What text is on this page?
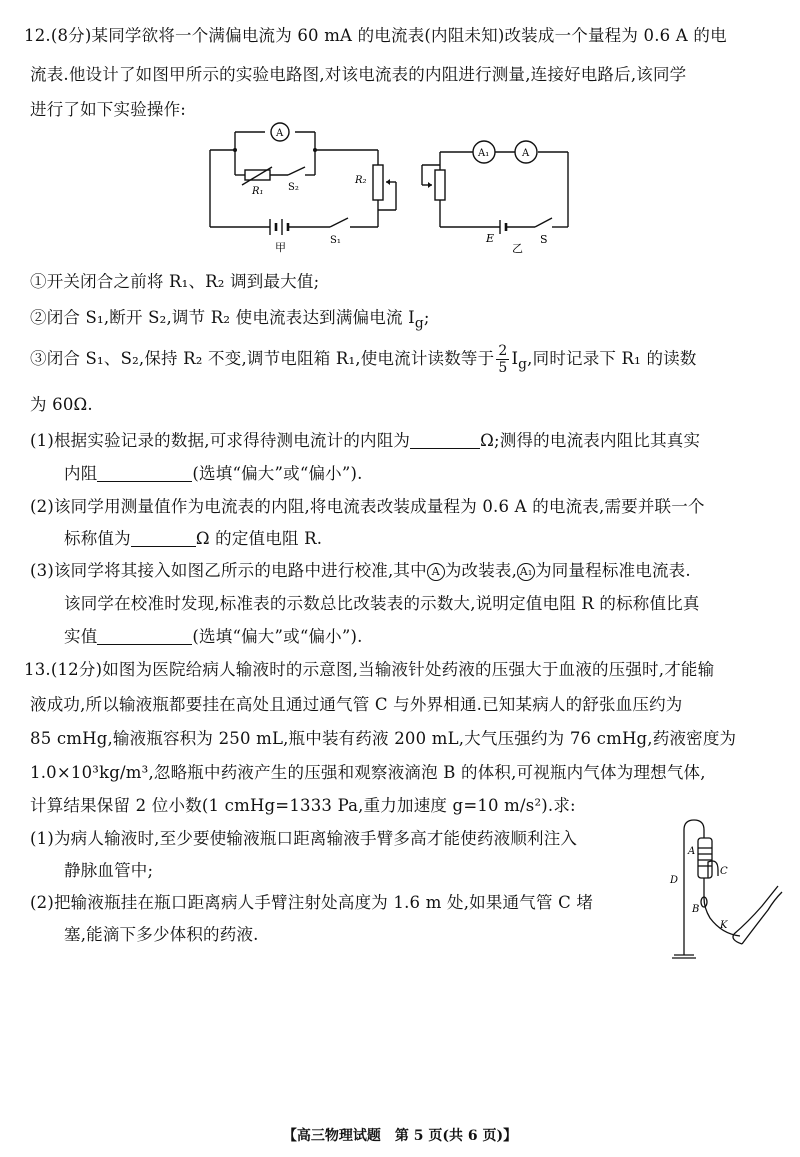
12.(8分)某同学欲将一个满偏电流为 60 mA 的电流表(内阻未知)改装成一个量程为 0.6 A 的电
流表.他设计了如图甲所示的实验电路图,对该电流表的内阻进行测量,连接好电路后,该同学
进行了如下实验操作:
A
R₁ S₂
R₂
S₁
甲
A₁	A
E	S
乙
①开关闭合之前将 R₁、R₂ 调到最大值;
②闭合 S₁,断开 S₂,调节 R₂ 使电流表达到满偏电流 $I_g$;
③闭合 S₁、S₂,保持 R₂ 不变,调节电阻箱 R₁,使电流计读数等于 $\frac{2}{5} I_g$,同时记录下 R₁ 的读数
为 60Ω.
(1)根据实验记录的数据,可求得待测电流计的内阻为	Ω;测得的电流表内阻比其真实
内阻	(选填“偏大”或“偏小”).
(2)该同学用测量值作为电流表的内阻,将电流表改装成量程为 0.6 A 的电流表,需要并联一个
标称值为	Ω 的定值电阻 R.
(3)该同学将其接入如图乙所示的电路中进行校准,其中 A 为改装表, A₁ 为同量程标准电流表.
该同学在校准时发现,标准表的示数总比改装表的示数大,说明定值电阻 R 的标称值比真
实值	(选填“偏大”或“偏小”).
13.(12分)如图为医院给病人输液时的示意图,当输液针处药液的压强大于血液的压强时,才能输
液成功,所以输液瓶都要挂在高处且通过通气管 C 与外界相通.已知某病人的舒张血压约为
85 cmHg,输液瓶容积为 250 mL,瓶中装有药液 200 mL,大气压强约为 76 cmHg,药液密度为
1.0×10³kg/m³,忽略瓶中药液产生的压强和观察液滴泡 B 的体积,可视瓶内气体为理想气体,
计算结果保留 2 位小数(1 cmHg=1333 Pa,重力加速度 g=10 m/s²).求:
(1)为病人输液时,至少要使输液瓶口距离输液手臂多高才能使药液顺利注入
静脉血管中;
(2)把输液瓶挂在瓶口距离病人手臂注射处高度为 1.6 m 处,如果通气管 C 堵
塞,能滴下多少体积的药液.
A
C
D
B
K
【高三物理试题　第 5 页(共 6 页)】
